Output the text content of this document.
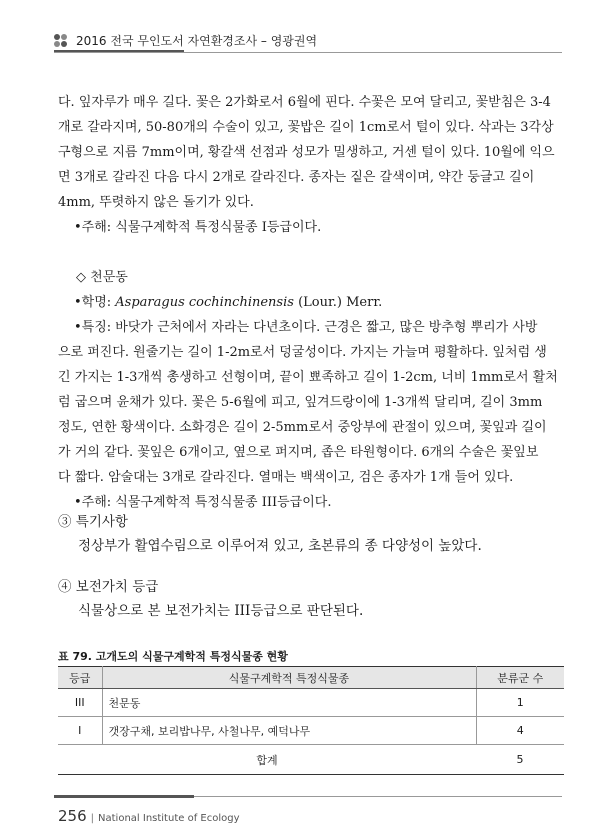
2016 전국 무인도서 자연환경조사 – 영광권역
다. 잎자루가 매우 길다. 꽃은 2가화로서 6월에 핀다. 수꽃은 모여 달리고, 꽃받침은 3-4
개로 갈라지며, 50-80개의 수술이 있고, 꽃밥은 길이 1cm로서 털이 있다. 삭과는 3각상
구형으로 지름 7mm이며, 황갈색 선점과 성모가 밀생하고, 거센 털이 있다. 10월에 익으
면 3개로 갈라진 다음 다시 2개로 갈라진다. 종자는 짙은 갈색이며, 약간 둥글고 길이
4mm, 뚜렷하지 않은 돌기가 있다.
•주해: 식물구계학적 특정식물종 I등급이다.
◇ 천문동
•학명: Asparagus cochinchinensis (Lour.) Merr.
•특징: 바닷가 근처에서 자라는 다년초이다. 근경은 짧고, 많은 방추형 뿌리가 사방
으로 퍼진다. 원줄기는 길이 1-2m로서 덩굴성이다. 가지는 가늘며 평활하다. 잎처럼 생
긴 가지는 1-3개씩 총생하고 선형이며, 끝이 뾰족하고 길이 1-2cm, 너비 1mm로서 활처
럼 굽으며 윤채가 있다. 꽃은 5-6월에 피고, 잎겨드랑이에 1-3개씩 달리며, 길이 3mm
정도, 연한 황색이다. 소화경은 길이 2-5mm로서 중앙부에 관절이 있으며, 꽃잎과 길이
가 거의 같다. 꽃잎은 6개이고, 옆으로 퍼지며, 좁은 타원형이다. 6개의 수술은 꽃잎보
다 짧다. 암술대는 3개로 갈라진다. 열매는 백색이고, 검은 종자가 1개 들어 있다.
•주해: 식물구계학적 특정식물종 III등급이다.
③ 특기사항
정상부가 활엽수림으로 이루어져 있고, 초본류의 종 다양성이 높았다.
④ 보전가치 등급
식물상으로 본 보전가치는 III등급으로 판단된다.
표 79. 고개도의 식물구계학적 특정식물종 현황
등급	식물구계학적 특정식물종	분류군 수
III	천문동	1
I	갯장구채, 보리밥나무, 사철나무, 예덕나무	4
합계		5
256 | National Institute of Ecology
